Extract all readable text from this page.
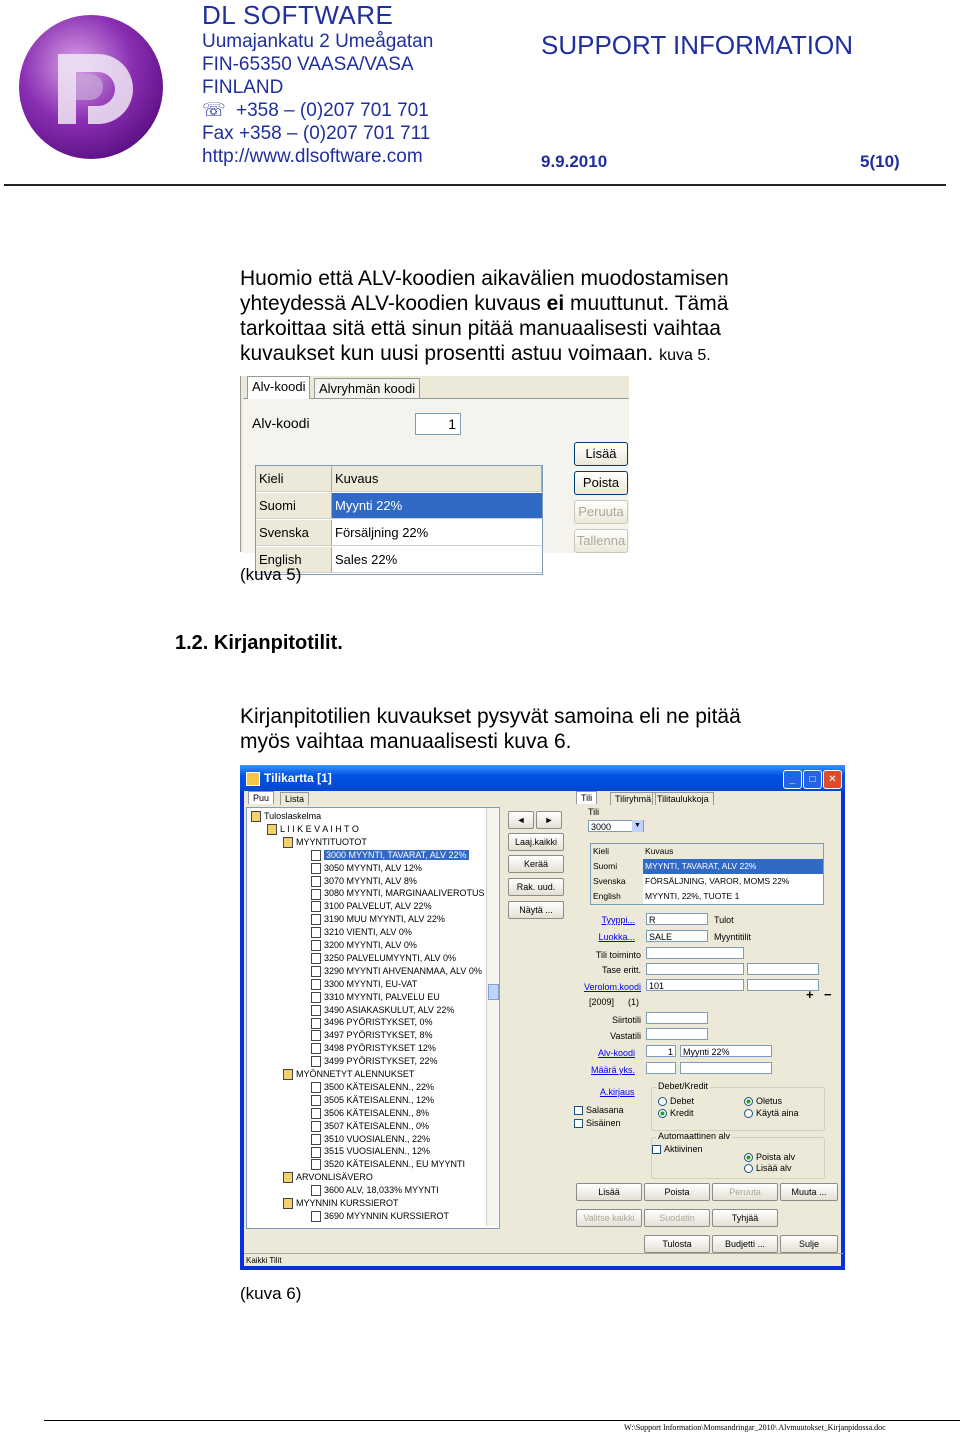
DL SOFTWARE
Uumajankatu 2 Umeågatan
FIN-65350 VAASA/VASA
FINLAND
☏ +358 – (0)207 701 701
Fax +358 – (0)207 701 711
http://www.dlsoftware.com
SUPPORT INFORMATION
9.9.2010	5(10)
Huomio että ALV-koodien aikavälien muodostamisen
yhteydessä ALV-koodien kuvaus ei muuttunut. Tämä
tarkoittaa sitä että sinun pitää manuaalisesti vaihtaa
kuvaukset kun uusi prosentti astuu voimaan. kuva 5.
Alv-koodi	Alvryhmän koodi
Alv-koodi	1
Kieli	Kuvaus
Suomi	Myynti 22%
Svenska	Försäljning 22%
English	Sales 22%
Lisää
Poista
Peruuta
Tallenna
(kuva 5)
1.2. Kirjanpitotilit.
Kirjanpitotilien kuvaukset pysyvät samoina eli ne pitää
myös vaihtaa manuaalisesti kuva 6.
Tilikartta [1]	_	□	✕
Puu	Lista
Tuloslaskelma
L I I K E V A I H T O
MYYNTITUOTOT
3000 MYYNTI, TAVARAT, ALV 22%
3050 MYYNTI, ALV 12%
3070 MYYNTI, ALV 8%
3080 MYYNTI, MARGINAALIVEROTUS
3100 PALVELUT, ALV 22%
3190 MUU MYYNTI, ALV 22%
3210 VIENTI, ALV 0%
3200 MYYNTI, ALV 0%
3250 PALVELUMYYNTI, ALV 0%
3290 MYYNTI AHVENANMAA, ALV 0%
3300 MYYNTI, EU-VAT
3310 MYYNTI, PALVELU EU
3490 ASIAKASKULUT, ALV 22%
3496 PYÖRISTYKSET, 0%
3497 PYÖRISTYKSET, 8%
3498 PYÖRISTYKSET 12%
3499 PYÖRISTYKSET, 22%
MYÖNNETYT ALENNUKSET
3500 KÄTEISALENN., 22%
3505 KÄTEISALENN., 12%
3506 KÄTEISALENN., 8%
3507 KÄTEISALENN., 0%
3510 VUOSIALENN., 22%
3515 VUOSIALENN., 12%
3520 KÄTEISALENN., EU MYYNTI
ARVONLISÄVERO
3600 ALV, 18,033% MYYNTI
MYYNNIN KURSSIEROT
3690 MYYNNIN KURSSIEROT
◄	►
Laaj.kaikki
Kerää
Rak. uud.
Näytä ...
Tili	Tiliryhmä Tilitaulukkoja
Tili
3000	▼
Kieli	Kuvaus
Suomi	MYYNTI, TAVARAT, ALV 22%
Svenska	FÖRSÄLJNING, VAROR, MOMS 22%
English	MYYNTI, 22%, TUOTE 1
Tyyppi...	R	Tulot
Luokka...	SALE	Myyntitilit
Tili toiminto
Tase eritt.
Verolom.koodi 101
+ −
[2009] (1)
Siirtotili
Vastatili
Alv-koodi	1	Myynti 22%
Määrä yks.
A.kirjaus
Salasana
Sisäinen
Debet/Kredit
Debet
Kredit
Oletus
Käytä aina
Automaattinen alv
Aktiivinen
Poista alv
Lisää alv
Lisää	Poista	Peruuta	Muuta ...
Valitse kaikki	Suodatin	Tyhjää
Tulosta	Budjetti ...	Sulje
Kaikki Tilit
(kuva 6)
W:\Support Information\Momsandringar_2010\ Alvmuutokset_Kirjanpidossa.doc
